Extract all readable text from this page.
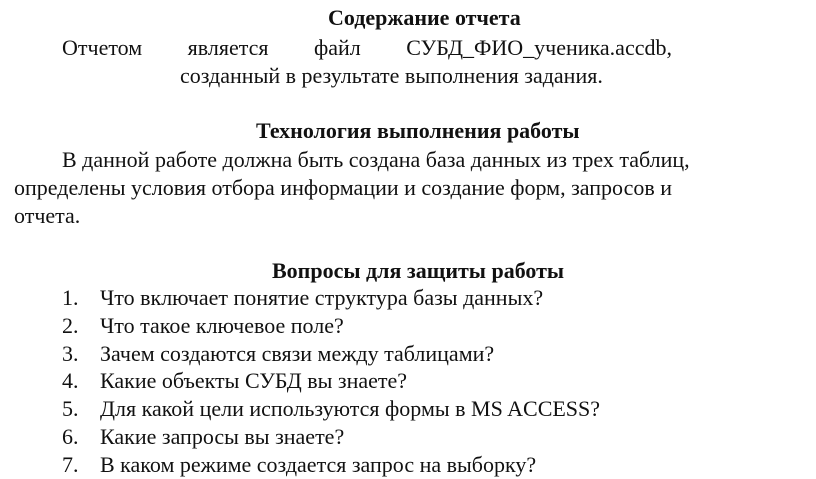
Содержание отчета
Отчетом является файл СУБД_ФИО_ученика.accdb,
созданный в результате выполнения задания.
Технология выполнения работы
В данной работе должна быть создана база данных из трех таблиц,
определены условия отбора информации и создание форм, запросов и
отчета.
Вопросы для защиты работы
1. Что включает понятие структура базы данных?
2. Что такое ключевое поле?
3. Зачем создаются связи между таблицами?
4. Какие объекты СУБД вы знаете?
5. Для какой цели используются формы в MS ACCESS?
6. Какие запросы вы знаете?
7. В каком режиме создается запрос на выборку?
